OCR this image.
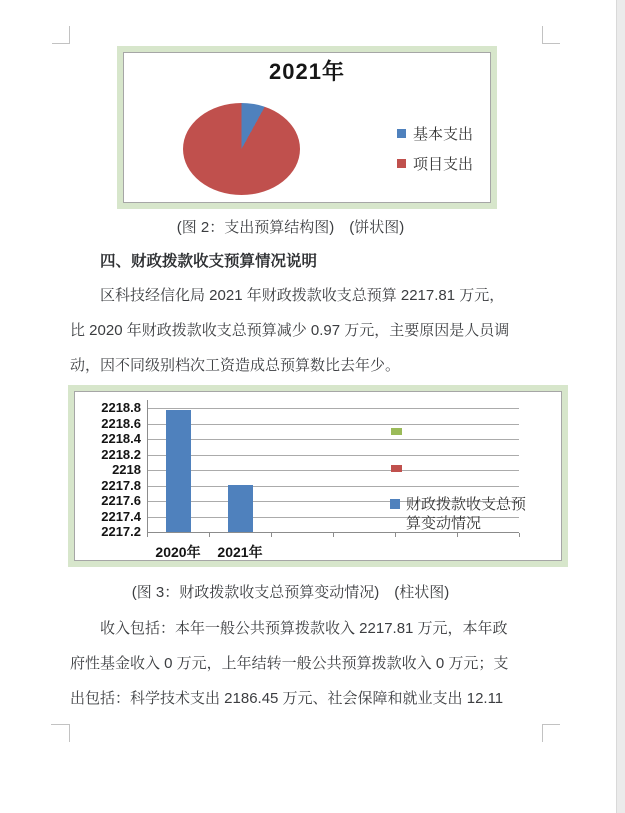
2021年
基本支出
项目支出
(图 2：支出预算结构图)　(饼状图)
四、财政拨款收支预算情况说明
区科技经信化局 2021 年财政拨款收支总预算 2217.81 万元，
比 2020 年财政拨款收支总预算减少 0.97 万元，主要原因是人员调
动，因不同级别档次工资造成总预算数比去年少。
2218.8
2218.6
2218.4
2218.2
2218
2217.8
2217.6
2217.4
2217.2
2020年	2021年
财政拨款收支总预算变动情况
(图 3：财政拨款收支总预算变动情况)　(柱状图)
收入包括：本年一般公共预算拨款收入 2217.81 万元，本年政
府性基金收入 0 万元，上年结转一般公共预算拨款收入 0 万元；支
出包括：科学技术支出 2186.45 万元、社会保障和就业支出 12.11
